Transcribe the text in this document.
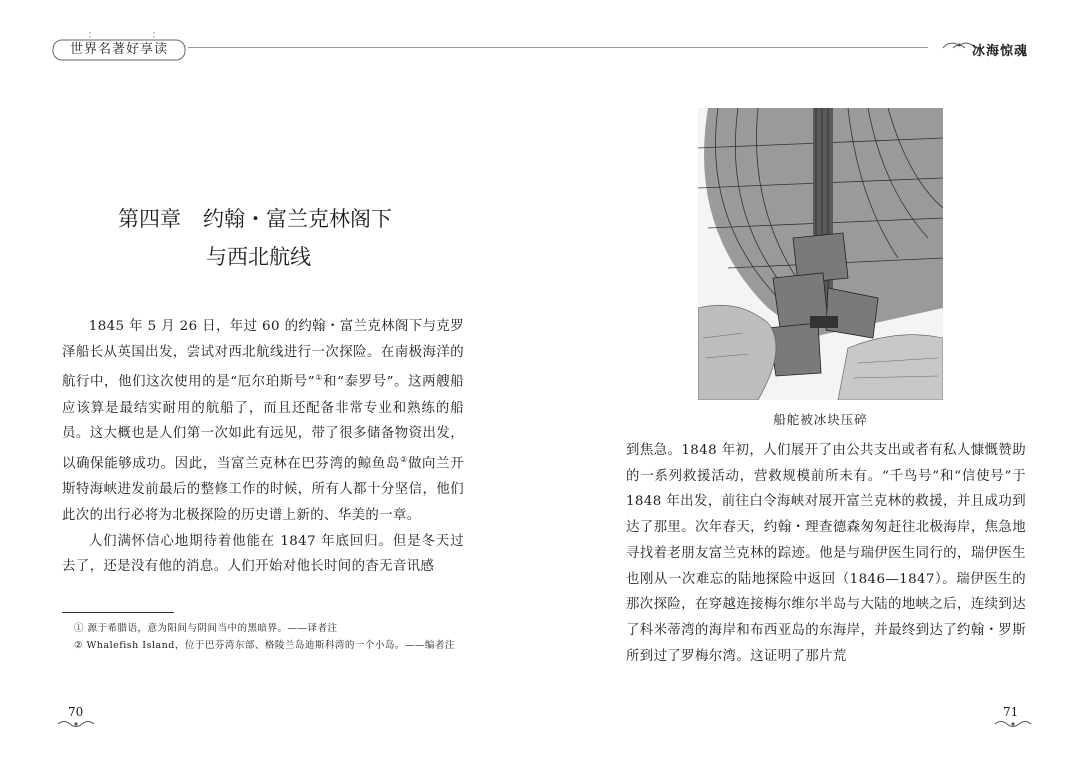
世界名著好享读
第四章 约翰・富兰克林阁下
与西北航线

1845 年 5 月 26 日，年过 60 的约翰・富兰克林阁下与克罗泽船长从英国出发，尝试对西北航线进行一次探险。在南极海洋的航行中，他们这次使用的是“厄尔珀斯号”①和“泰罗号”。这两艘船应该算是最结实耐用的航船了，而且还配备非常专业和熟练的船员。这大概也是人们第一次如此有远见，带了很多储备物资出发，以确保能够成功。因此，当富兰克林在巴芬湾的鲸鱼岛②做向兰开斯特海峡进发前最后的整修工作的时候，所有人都十分坚信，他们此次的出行必将为北极探险的历史谱上新的、华美的一章。

人们满怀信心地期待着他能在 1847 年底回归。但是冬天过去了，还是没有他的消息。人们开始对他长时间的杳无音讯感

① 源于希腊语，意为阳间与阴间当中的黑暗界。——译者注
② Whalefish Island，位于巴芬湾东部、格陵兰岛迪斯科湾的一个小岛。——编者注
70
冰海惊魂
船舵被冰块压碎

到焦急。1848 年初，人们展开了由公共支出或者有私人慷慨赞助的一系列救援活动，营救规模前所未有。“千鸟号”和“信使号”于 1848 年出发，前往白令海峡对展开富兰克林的救援，并且成功到达了那里。次年春天，约翰・理查德森匆匆赶往北极海岸，焦急地寻找着老朋友富兰克林的踪迹。他是与瑞伊医生同行的，瑞伊医生也刚从一次难忘的陆地探险中返回（1846—1847）。瑞伊医生的那次探险，在穿越连接梅尔维尔半岛与大陆的地峡之后，连续到达了科米蒂湾的海岸和布西亚岛的东海岸，并最终到达了约翰・罗斯所到过了罗梅尔湾。这证明了那片荒

71
